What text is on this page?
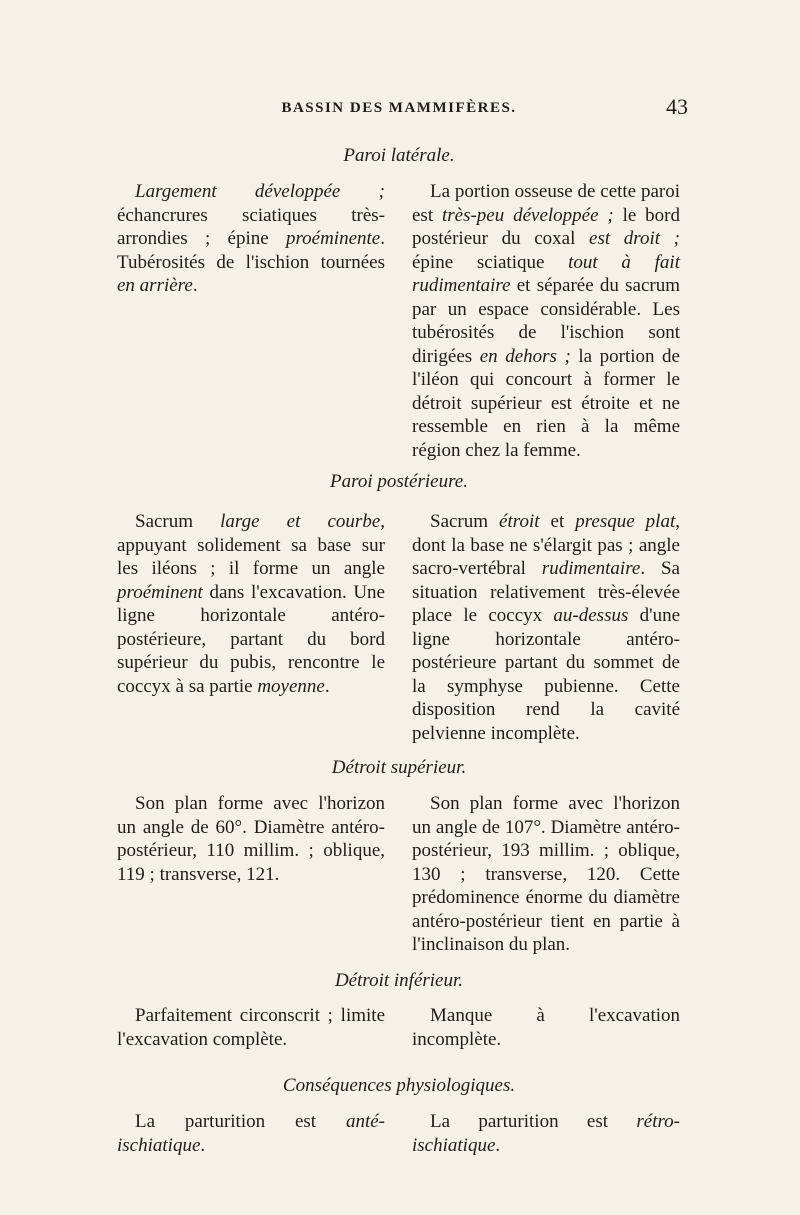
BASSIN DES MAMMIFÈRES.	43
Paroi latérale.

Largement développée ; échancrures sciatiques très-arrondies ; épine proéminente. Tubérosités de l'ischion tournées en arrière.

La portion osseuse de cette paroi est très-peu développée ; le bord postérieur du coxal est droit ; épine sciatique tout à fait rudimentaire et séparée du sacrum par un espace considérable. Les tubérosités de l'ischion sont dirigées en dehors ; la portion de l'iléon qui concourt à former le détroit supérieur est étroite et ne ressemble en rien à la même région chez la femme.

Paroi postérieure.

Sacrum large et courbe, appuyant solidement sa base sur les iléons ; il forme un angle proéminent dans l'excavation. Une ligne horizontale antéro-postérieure, partant du bord supérieur du pubis, rencontre le coccyx à sa partie moyenne.

Sacrum étroit et presque plat, dont la base ne s'élargit pas ; angle sacro-vertébral rudimentaire. Sa situation relativement très-élevée place le coccyx au-dessus d'une ligne horizontale antéro-postérieure partant du sommet de la symphyse pubienne. Cette disposition rend la cavité pelvienne incomplète.

Détroit supérieur.

Son plan forme avec l'horizon un angle de 60°. Diamètre antéro-postérieur, 110 millim. ; oblique, 119 ; transverse, 121.

Son plan forme avec l'horizon un angle de 107°. Diamètre antéro-postérieur, 193 millim. ; oblique, 130 ; transverse, 120. Cette prédominence énorme du diamètre antéro-postérieur tient en partie à l'inclinaison du plan.

Détroit inférieur.

Parfaitement circonscrit ; limite l'excavation complète.

Manque à l'excavation incomplète.

Conséquences physiologiques.

La parturition est anté-ischiatique.

La parturition est rétro-ischiatique.
